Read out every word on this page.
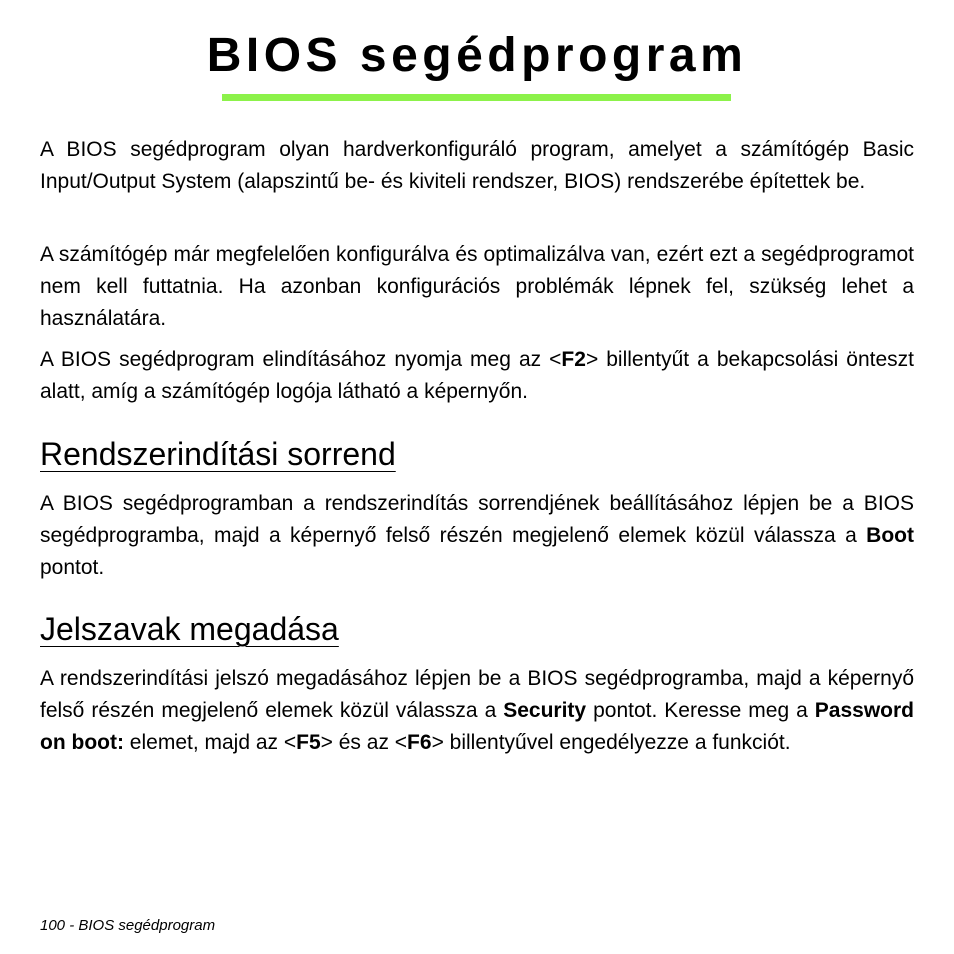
BIOS segédprogram

A BIOS segédprogram olyan hardverkonfiguráló program, amelyet a számítógép Basic Input/Output System (alapszintű be- és kiviteli rendszer, BIOS) rendszerébe építettek be.

A számítógép már megfelelően konfigurálva és optimalizálva van, ezért ezt a segédprogramot nem kell futtatnia. Ha azonban konfigurációs problémák lépnek fel, szükség lehet a használatára.

A BIOS segédprogram elindításához nyomja meg az <F2> billentyűt a bekapcsolási önteszt alatt, amíg a számítógép logója látható a képernyőn.

Rendszerindítási sorrend

A BIOS segédprogramban a rendszerindítás sorrendjének beállításához lépjen be a BIOS segédprogramba, majd a képernyő felső részén megjelenő elemek közül válassza a Boot pontot.

Jelszavak megadása

A rendszerindítási jelszó megadásához lépjen be a BIOS segédprogramba, majd a képernyő felső részén megjelenő elemek közül válassza a Security pontot. Keresse meg a Password on boot: elemet, majd az <F5> és az <F6> billentyűvel engedélyezze a funkciót.

100 - BIOS segédprogram
